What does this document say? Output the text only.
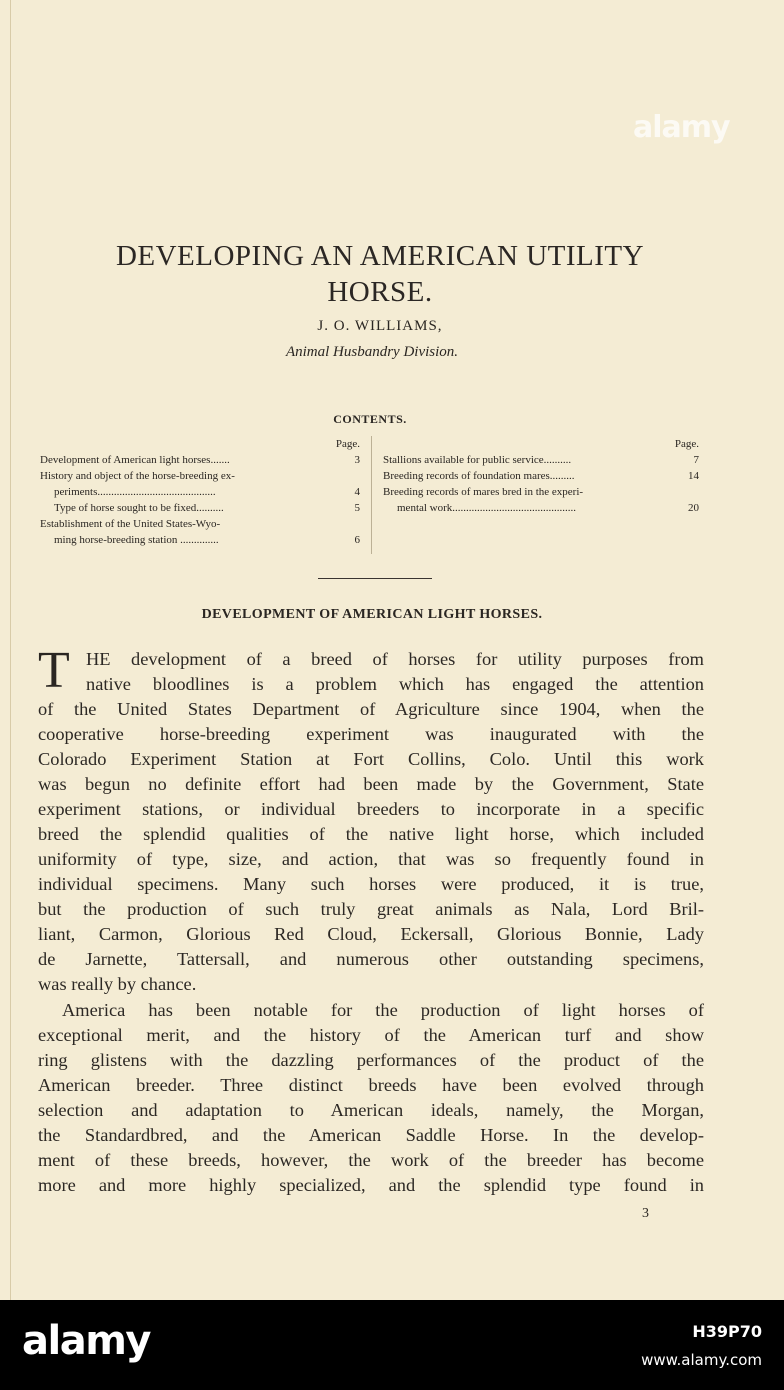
DEVELOPING AN AMERICAN UTILITY
HORSE.
J. O. WILLIAMS,
Animal Husbandry Division.
CONTENTS.
Page.
Development of American light horses.......	3
History and object of the horse-breeding ex-
periments...........................................	4
Type of horse sought to be fixed..........	5
Establishment of the United States-Wyo-
ming horse-breeding station ..............	6
Page.
Stallions available for public service..........	7
Breeding records of foundation mares.........	14
Breeding records of mares bred in the experi-
mental work.............................................	20
DEVELOPMENT OF AMERICAN LIGHT HORSES.
T HE development of a breed of horses for utility purposes from
native bloodlines is a problem which has engaged the attention
of the United States Department of Agriculture since 1904, when the
cooperative horse-breeding experiment was inaugurated with the
Colorado Experiment Station at Fort Collins, Colo. Until this work
was begun no definite effort had been made by the Government, State
experiment stations, or individual breeders to incorporate in a specific
breed the splendid qualities of the native light horse, which included
uniformity of type, size, and action, that was so frequently found in
individual specimens. Many such horses were produced, it is true,
but the production of such truly great animals as Nala, Lord Bril-
liant, Carmon, Glorious Red Cloud, Eckersall, Glorious Bonnie, Lady
de Jarnette, Tattersall, and numerous other outstanding specimens,
was really by chance.
America has been notable for the production of light horses of
exceptional merit, and the history of the American turf and show
ring glistens with the dazzling performances of the product of the
American breeder. Three distinct breeds have been evolved through
selection and adaptation to American ideals, namely, the Morgan,
the Standardbred, and the American Saddle Horse. In the develop-
ment of these breeds, however, the work of the breeder has become
more and more highly specialized, and the splendid type found in
3
alamy
alamy	H39P70
www.alamy.com
